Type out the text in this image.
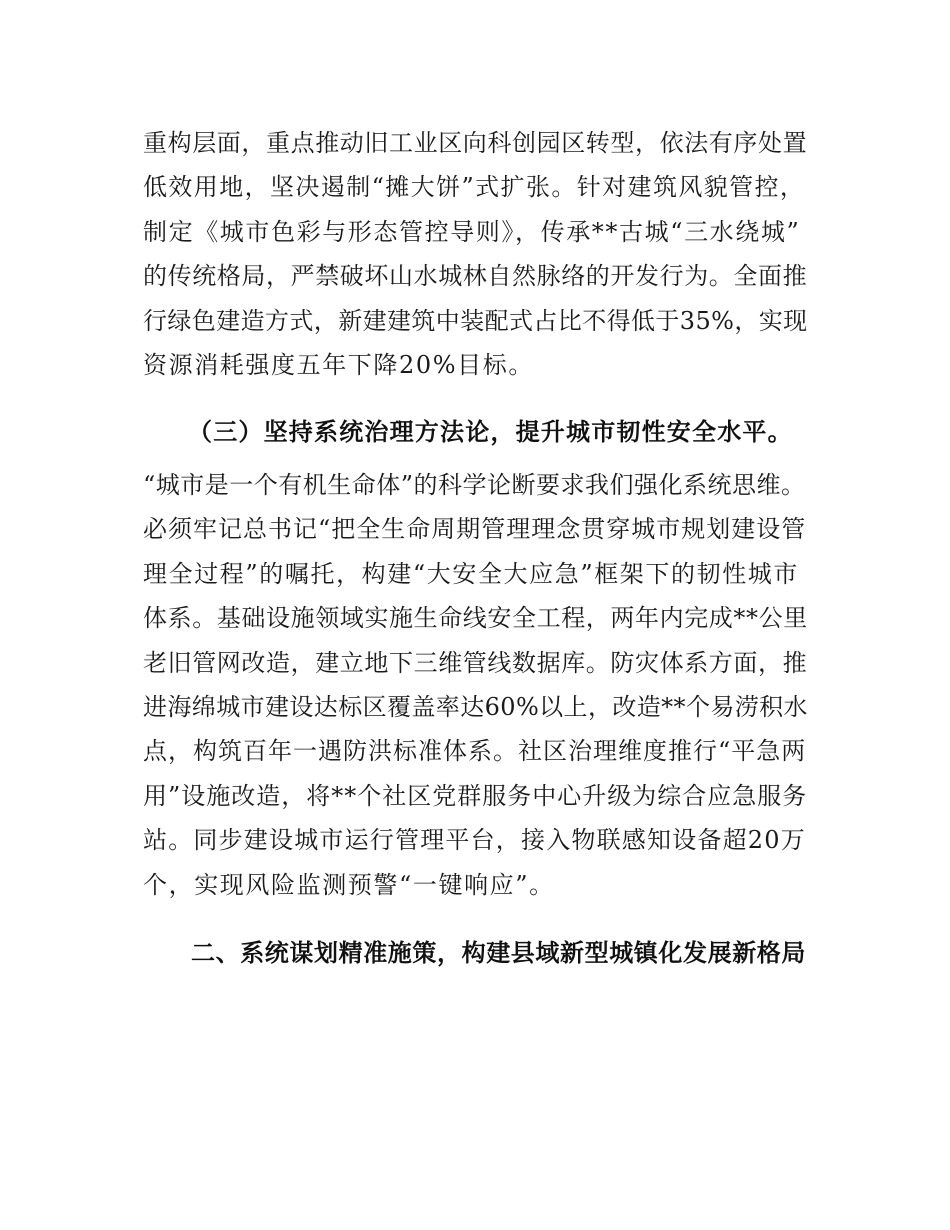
重构层面，重点推动旧工业区向科创园区转型，依法有序处置
低效用地，坚决遏制“摊大饼”式扩张。针对建筑风貌管控，
制定《城市色彩与形态管控导则》，传承**古城“三水绕城”
的传统格局，严禁破坏山水城林自然脉络的开发行为。全面推
行绿色建造方式，新建建筑中装配式占比不得低于35%，实现
资源消耗强度五年下降20%目标。
（三）坚持系统治理方法论，提升城市韧性安全水平。
“城市是一个有机生命体”的科学论断要求我们强化系统思维。
必须牢记总书记“把全生命周期管理理念贯穿城市规划建设管
理全过程”的嘱托，构建“大安全大应急”框架下的韧性城市
体系。基础设施领域实施生命线安全工程，两年内完成**公里
老旧管网改造，建立地下三维管线数据库。防灾体系方面，推
进海绵城市建设达标区覆盖率达60%以上，改造**个易涝积水
点，构筑百年一遇防洪标准体系。社区治理维度推行“平急两
用”设施改造，将**个社区党群服务中心升级为综合应急服务
站。同步建设城市运行管理平台，接入物联感知设备超20万
个，实现风险监测预警“一键响应”。
二、系统谋划精准施策，构建县域新型城镇化发展新格局
